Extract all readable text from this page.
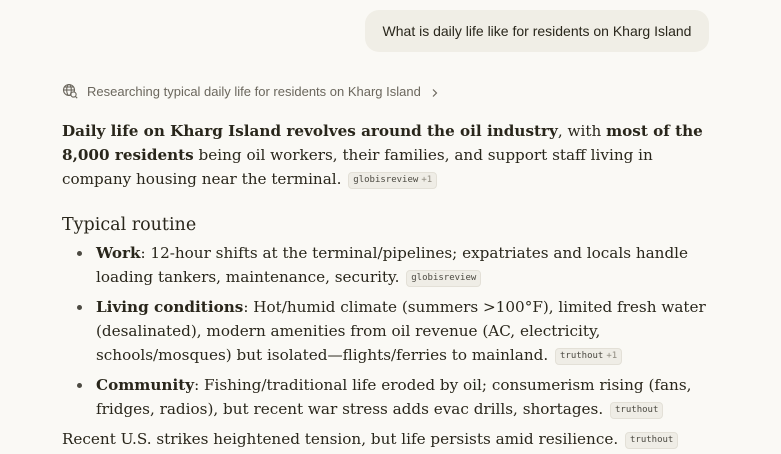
What is daily life like for residents on Kharg Island
Researching typical daily life for residents on Kharg Island

Daily life on Kharg Island revolves around the oil industry, with most of the 8,000 residents being oil workers, their families, and support staff living in company housing near the terminal. globisreview +1

Typical routine
Work: 12-hour shifts at the terminal/pipelines; expatriates and locals handle loading tankers, maintenance, security. globisreview
Living conditions: Hot/humid climate (summers >100°F), limited fresh water (desalinated), modern amenities from oil revenue (AC, electricity, schools/mosques) but isolated—flights/ferries to mainland. truthout +1
Community: Fishing/traditional life eroded by oil; consumerism rising (fans, fridges, radios), but recent war stress adds evac drills, shortages. truthout

Recent U.S. strikes heightened tension, but life persists amid resilience. truthout
